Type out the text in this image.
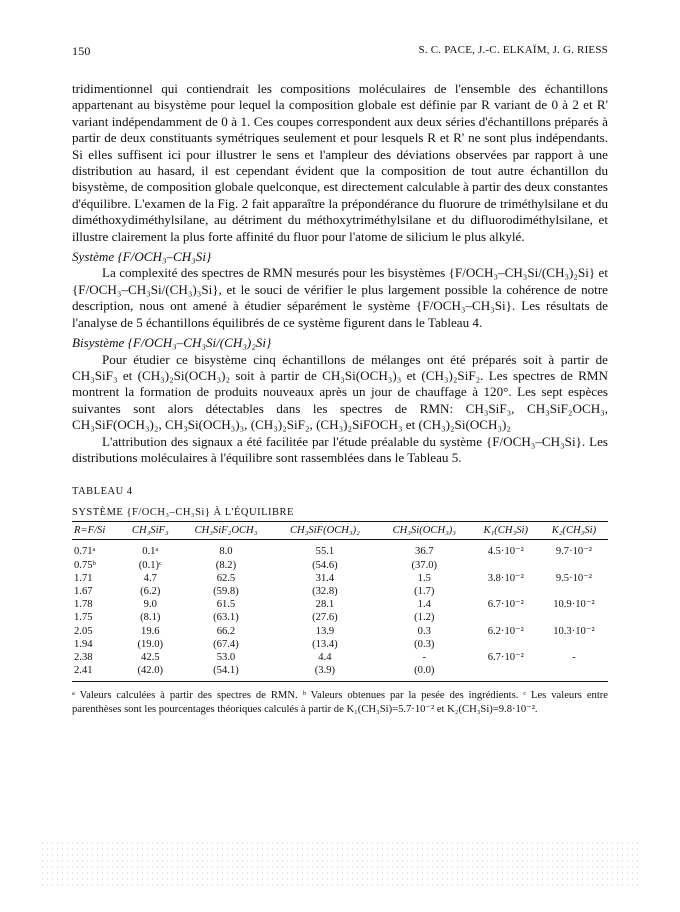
150	S. C. PACE, J.-C. ELKAÏM, J. G. RIESS

tridimentionnel qui contiendrait les compositions moléculaires de l'ensemble des échantillons appartenant au bisystème pour lequel la composition globale est définie par R variant de 0 à 2 et R' variant indépendamment de 0 à 1. Ces coupes correspondent aux deux séries d'échantillons préparés à partir de deux constituants symétriques seulement et pour lesquels R et R' ne sont plus indépendants. Si elles suffisent ici pour illustrer le sens et l'ampleur des déviations observées par rapport à une distribution au hasard, il est cependant évident que la composition de tout autre échantillon du bisystème, de composition globale quelconque, est directement calculable à partir des deux constantes d'équilibre. L'examen de la Fig. 2 fait apparaître la prépondérance du fluorure de triméthylsilane et du diméthoxydiméthylsilane, au détriment du méthoxytriméthylsilane et du difluorodiméthylsilane, et illustre clairement la plus forte affinité du fluor pour l'atome de silicium le plus alkylé.

Système {F/OCH₃–CH₃Si}

La complexité des spectres de RMN mesurés pour les bisystèmes {F/OCH₃–CH₃Si/(CH₃)₂Si} et {F/OCH₃–CH₃Si/(CH₃)₃Si}, et le souci de vérifier le plus largement possible la cohérence de notre description, nous ont amené à étudier séparément le système {F/OCH₃–CH₃Si}. Les résultats de l'analyse de 5 échantillons équilibrés de ce système figurent dans le Tableau 4.

Bisystème {F/OCH₃–CH₃Si/(CH₃)₂Si}

Pour étudier ce bisystème cinq échantillons de mélanges ont été préparés soit à partir de CH₃SiF₃ et (CH₃)₂Si(OCH₃)₂ soit à partir de CH₃Si(OCH₃)₃ et (CH₃)₂SiF₂. Les spectres de RMN montrent la formation de produits nouveaux après un jour de chauffage à 120°. Les sept espèces suivantes sont alors détectables dans les spectres de RMN: CH₃SiF₃, CH₃SiF₂OCH₃, CH₃SiF(OCH₃)₂, CH₃Si(OCH₃)₃, (CH₃)₂SiF₂, (CH₃)₂SiFOCH₃ et (CH₃)₂Si(OCH₃)₂

L'attribution des signaux a été facilitée par l'étude préalable du système {F/OCH₃–CH₃Si}. Les distributions moléculaires à l'équilibre sont rassemblées dans le Tableau 5.

TABLEAU 4
SYSTÈME {F/OCH₃–CH₃Si} À L'ÉQUILIBRE
R=F/Si	CH₃SiF₃	CH₃SiF₂OCH₃	CH₃SiF(OCH₃)₂	CH₃Si(OCH₃)₃	K₁(CH₃Si)	K₂(CH₃Si)
0.71ᵃ	0.1ᵃ	8.0	55.1	36.7	4.5·10⁻²	9.7·10⁻²
0.75ᵇ	(0.1)ᶜ	(8.2)	(54.6)	(37.0)		
1.71	4.7	62.5	31.4	1.5	3.8·10⁻²	9.5·10⁻²
1.67	(6.2)	(59.8)	(32.8)	(1.7)		
1.78	9.0	61.5	28.1	1.4	6.7·10⁻²	10.9·10⁻²
1.75	(8.1)	(63.1)	(27.6)	(1.2)		
2.05	19.6	66.2	13.9	0.3	6.2·10⁻²	10.3·10⁻²
1.94	(19.0)	(67.4)	(13.4)	(0.3)		
2.38	42.5	53.0	4.4	-	6.7·10⁻²	-
2.41	(42.0)	(54.1)	(3.9)	(0.0)		

ᵃ Valeurs calculées à partir des spectres de RMN. ᵇ Valeurs obtenues par la pesée des ingrédients. ᶜ Les valeurs entre parenthèses sont les pourcentages théoriques calculés à partir de K₁(CH₃Si)=5.7·10⁻² et K₂(CH₃Si)=9.8·10⁻².
